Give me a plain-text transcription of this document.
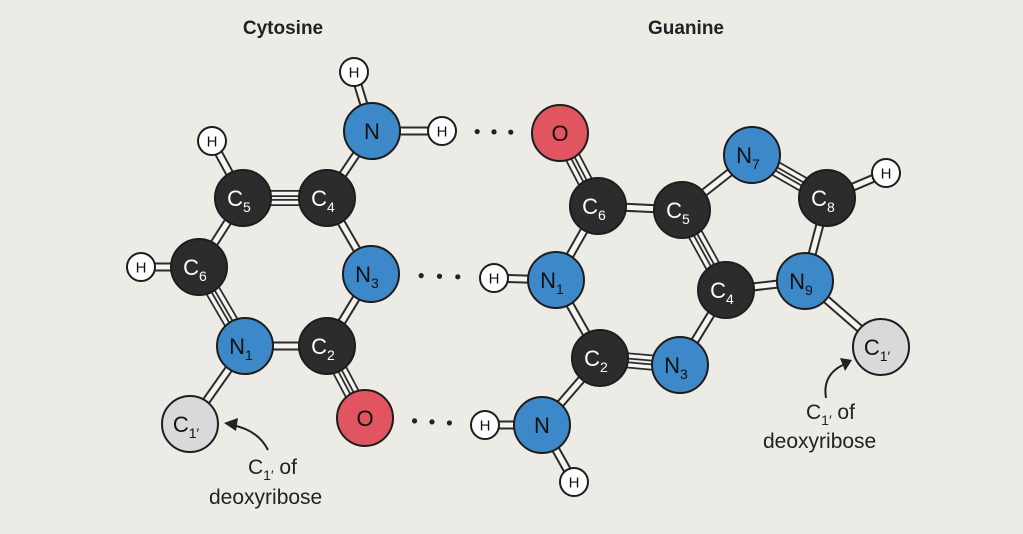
Cytosine	Guanine
H
N	H
H
$C_5$	$C_4$
H $C_6$	$N_3$
$N_1$	$C_2$
O
$C_{1'}$
O
$N_7$
H
$C_6$	$C_5$
$C_8$
H $N_1$	$N_9$
$C_4$
$C_{1'}$
$C_2$	$N_3$
H N
H
$C_{1'}$ of
deoxyribose
$C_{1'}$ of
deoxyribose
